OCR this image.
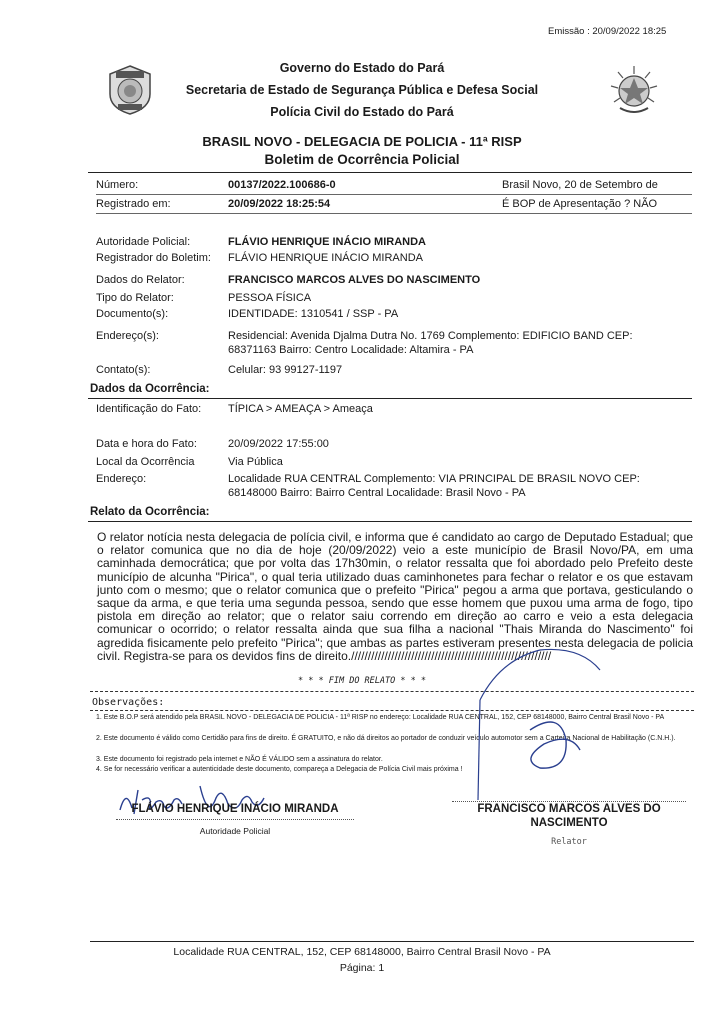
Emissão : 20/09/2022 18:25
Governo do Estado do Pará
Secretaria de Estado de Segurança Pública e Defesa Social
Polícia Civil do Estado do Pará
BRASIL NOVO - DELEGACIA DE POLICIA - 11ª RISP
Boletim de Ocorrência Policial
Número:	00137/2022.100686-0	Brasil Novo, 20 de Setembro de
Registrado em:	20/09/2022 18:25:54	É BOP de Apresentação ? NÃO
Autoridade Policial:	FLÁVIO HENRIQUE INÁCIO MIRANDA
Registrador do Boletim: FLÁVIO HENRIQUE INÁCIO MIRANDA
Dados do Relator:	FRANCISCO MARCOS ALVES DO NASCIMENTO
Tipo do Relator:	PESSOA FÍSICA
Documento(s):	IDENTIDADE: 1310541 / SSP - PA
Endereço(s):	Residencial: Avenida Djalma Dutra No. 1769 Complemento: EDIFICIO BAND CEP:
68371163 Bairro: Centro Localidade: Altamira - PA
Contato(s):	Celular: 93 99127-1197
Dados da Ocorrência:
Identificação do Fato: TÍPICA > AMEAÇA > Ameaça
Data e hora do Fato:	20/09/2022 17:55:00
Local da Ocorrência	Via Pública
Endereço:	Localidade RUA CENTRAL Complemento: VIA PRINCIPAL DE BRASIL NOVO CEP:
68148000 Bairro: Bairro Central Localidade: Brasil Novo - PA
Relato da Ocorrência:
O relator notícia nesta delegacia de polícia civil, e informa que é candidato ao cargo de Deputado Estadual; que o relator comunica que no dia de hoje (20/09/2022) veio a este município de Brasil Novo/PA, em uma caminhada democrática; que por volta das 17h30min, o relator ressalta que foi abordado pelo Prefeito deste município de alcunha "Pirica", o qual teria utilizado duas caminhonetes para fechar o relator e os que estavam junto com o mesmo; que o relator comunica que o prefeito "Pirica" pegou a arma que portava, gesticulando o saque da arma, e que teria uma segunda pessoa, sendo que esse homem que puxou uma arma de fogo, tipo pistola em direção ao relator; que o relator saiu correndo em direção ao carro e veio a esta delegacia comunicar o ocorrido; o relator ressalta ainda que sua filha a nacional "Thais Miranda do Nascimento" foi agredida fisicamente pelo prefeito "Pirica"; que ambas as partes estiveram presentes nesta delegacia de policia civil. Registra-se para os devidos fins de direito.////////////////////////////////////////////////////////////
* * * FIM DO RELATO * * *
Observações:
1. Este B.O.P será atendido pela BRASIL NOVO - DELEGACIA DE POLICIA - 11ª RISP no endereço: Localidade RUA CENTRAL, 152, CEP 68148000, Bairro Central Brasil Novo - PA
2. Este documento é válido como Certidão para fins de direito. É GRATUITO, e não dá direitos ao portador de conduzir veículo automotor sem a Carteira Nacional de Habilitação (C.N.H.).
3. Este documento foi registrado pela internet e NÃO É VÁLIDO sem a assinatura do relator.
4. Se for necessário verificar a autenticidade deste documento, compareça a Delegacia de Polícia Civil mais próxima !
FLÁVIO HENRIQUE INÁCIO MIRANDA
Autoridade Policial
FRANCISCO MARCOS ALVES DO
NASCIMENTO
Relator
Localidade RUA CENTRAL, 152, CEP 68148000, Bairro Central Brasil Novo - PA
Página: 1
